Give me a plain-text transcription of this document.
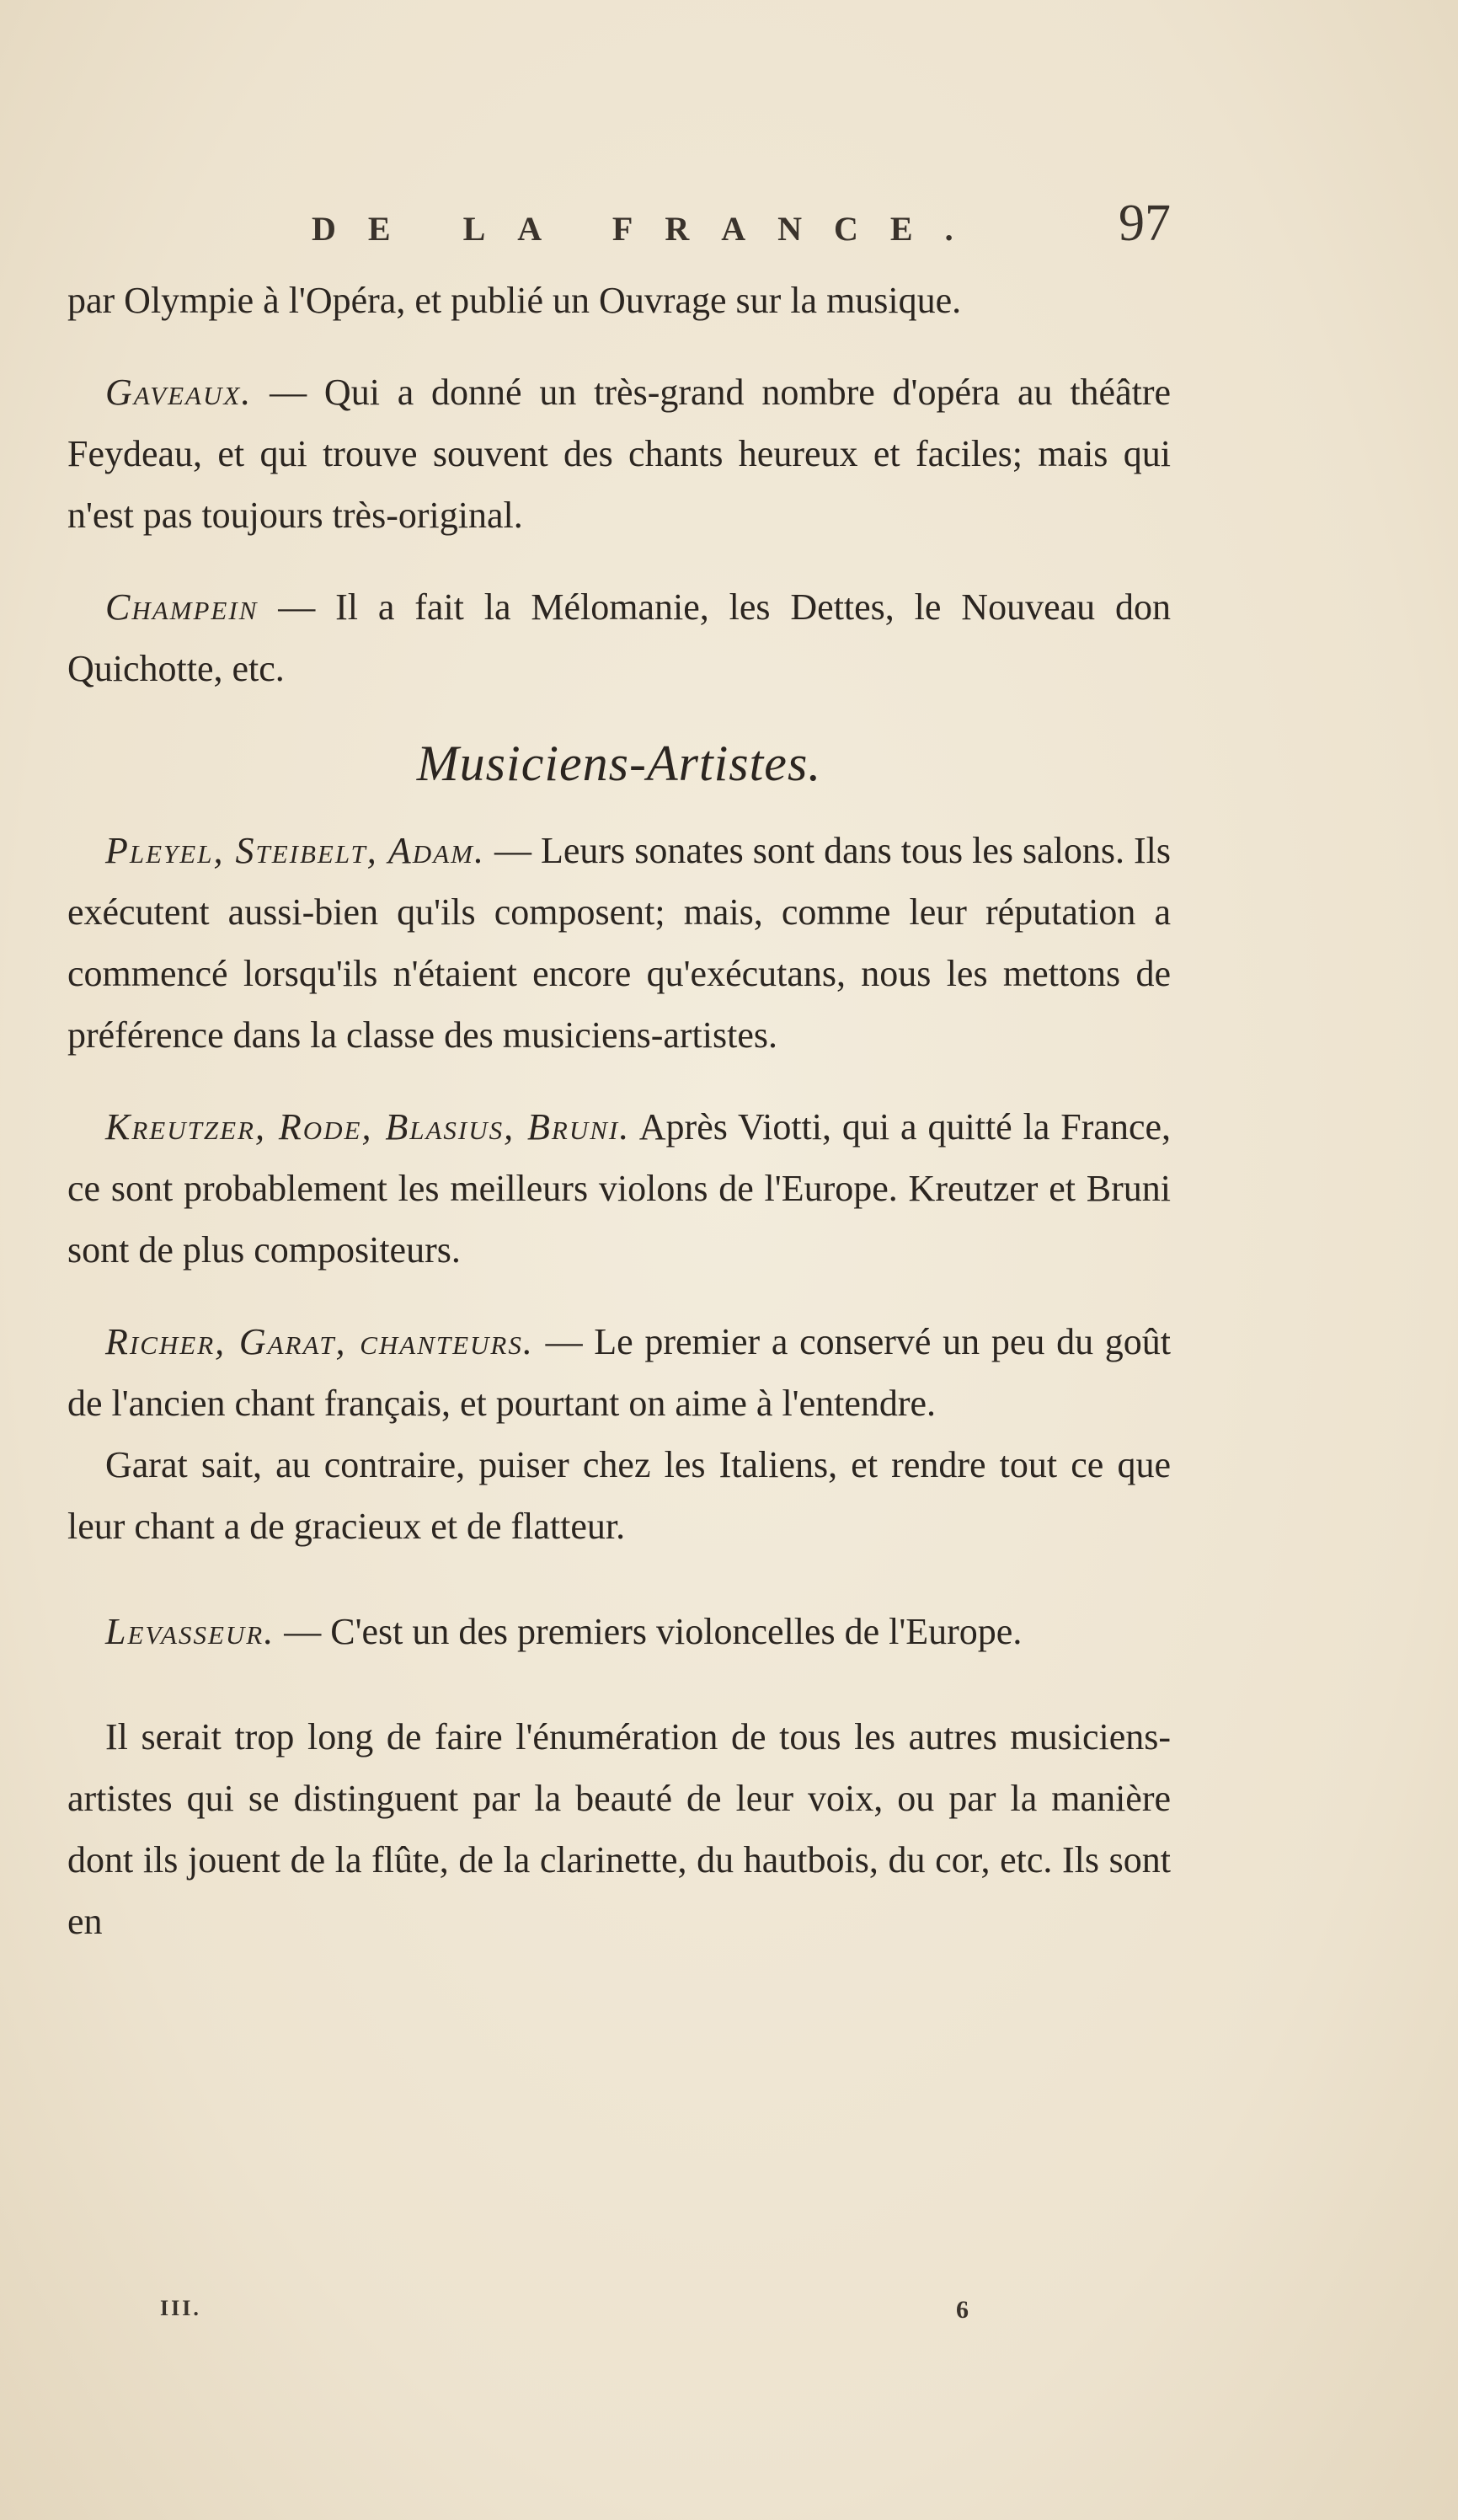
DE LA FRANCE.	97

par Olympie à l'Opéra, et publié un Ouvrage sur la musique.

Gaveaux. — Qui a donné un très-grand nombre d'opéra au théâtre Feydeau, et qui trouve souvent des chants heureux et faciles; mais qui n'est pas toujours très-original.

Champein — Il a fait la Mélomanie, les Dettes, le Nouveau don Quichotte, etc.

Musiciens-Artistes.

Pleyel, Steibelt, Adam. — Leurs sonates sont dans tous les salons. Ils exécutent aussi-bien qu'ils composent; mais, comme leur réputation a commencé lorsqu'ils n'étaient encore qu'exécutans, nous les mettons de préférence dans la classe des musiciens-artistes.

Kreutzer, Rode, Blasius, Bruni. Après Viotti, qui a quitté la France, ce sont probablement les meilleurs violons de l'Europe. Kreutzer et Bruni sont de plus compositeurs.

Richer, Garat, chanteurs. — Le premier a conservé un peu du goût de l'ancien chant français, et pourtant on aime à l'entendre.

Garat sait, au contraire, puiser chez les Italiens, et rendre tout ce que leur chant a de gracieux et de flatteur.

Levasseur. — C'est un des premiers violoncelles de l'Europe.

Il serait trop long de faire l'énumération de tous les autres musiciens-artistes qui se distinguent par la beauté de leur voix, ou par la manière dont ils jouent de la flûte, de la clarinette, du hautbois, du cor, etc. Ils sont en

III.	6
